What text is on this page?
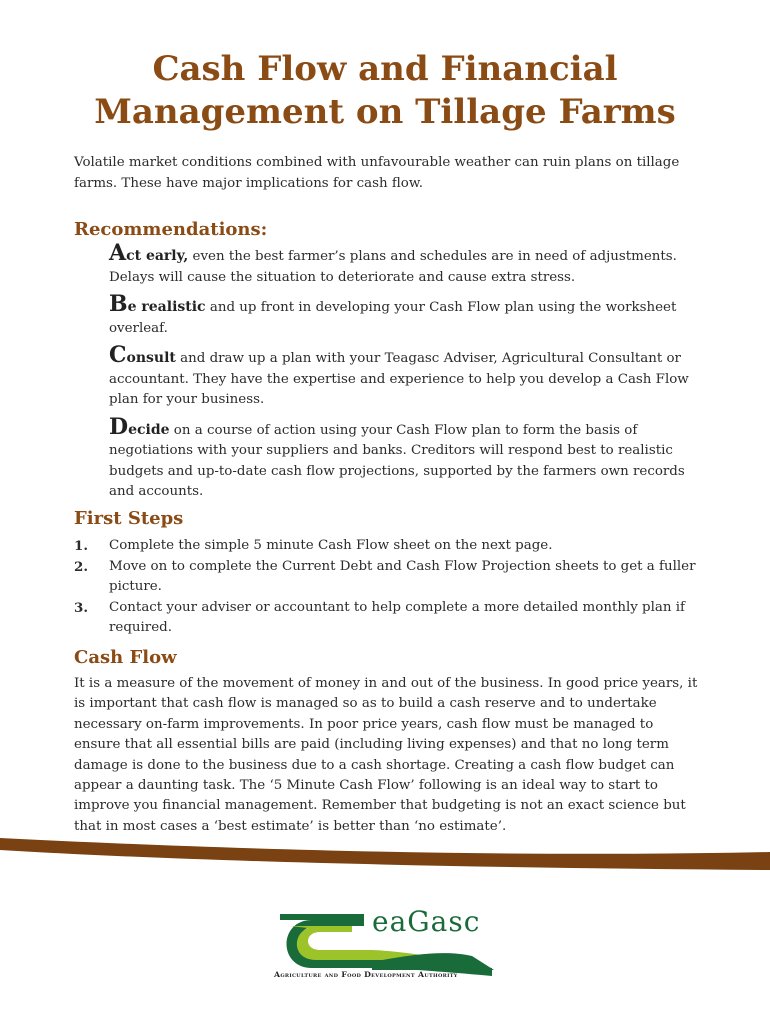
Cash Flow and Financial Management on Tillage Farms

Volatile market conditions combined with unfavourable weather can ruin plans on tillage farms. These have major implications for cash flow.

Recommendations:
Act early, even the best farmer’s plans and schedules are in need of adjustments. Delays will cause the situation to deteriorate and cause extra stress.
Be realistic and up front in developing your Cash Flow plan using the worksheet overleaf.
Consult and draw up a plan with your Teagasc Adviser, Agricultural Consultant or accountant. They have the expertise and experience to help you develop a Cash Flow plan for your business.
Decide on a course of action using your Cash Flow plan to form the basis of negotiations with your suppliers and banks. Creditors will respond best to realistic budgets and up-to-date cash flow projections, supported by the farmers own records and accounts.
First Steps
1.	Complete the simple 5 minute Cash Flow sheet on the next page.
2.	Move on to complete the Current Debt and Cash Flow Projection sheets to get a fuller picture.
3.	Contact your adviser or accountant to help complete a more detailed monthly plan if required.
Cash Flow

It is a measure of the movement of money in and out of the business. In good price years, it is important that cash flow is managed so as to build a cash reserve and to undertake necessary on-farm improvements. In poor price years, cash flow must be managed to ensure that all essential bills are paid (including living expenses) and that no long term damage is done to the business due to a cash shortage. Creating a cash flow budget can appear a daunting task. The ‘5 Minute Cash Flow’ following is an ideal way to start to improve you financial management. Remember that budgeting is not an exact science but that in most cases a ‘best estimate’ is better than ‘no estimate’.

eaGasc
Agriculture and Food Development Authority
